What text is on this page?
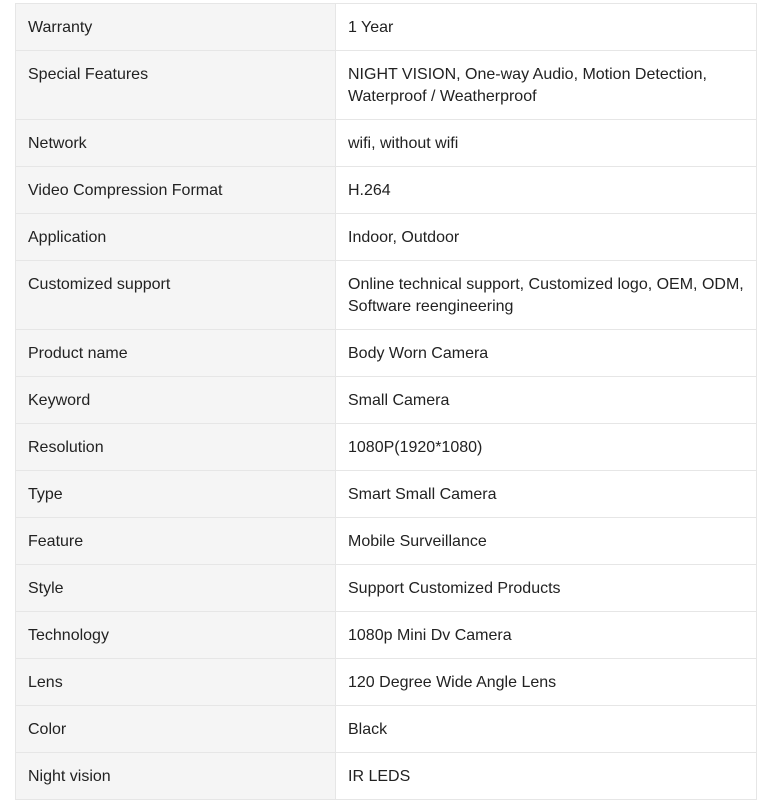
Warranty	1 Year
Special Features	NIGHT VISION, One-way Audio, Motion Detection, Waterproof / Weatherproof
Network	wifi, without wifi
Video Compression Format	H.264
Application	Indoor, Outdoor
Customized support	Online technical support, Customized logo, OEM, ODM, Software reengineering
Product name	Body Worn Camera
Keyword	Small Camera
Resolution	1080P(1920*1080)
Type	Smart Small Camera
Feature	Mobile Surveillance
Style	Support Customized Products
Technology	1080p Mini Dv Camera
Lens	120 Degree Wide Angle Lens
Color	Black
Night vision	IR LEDS
